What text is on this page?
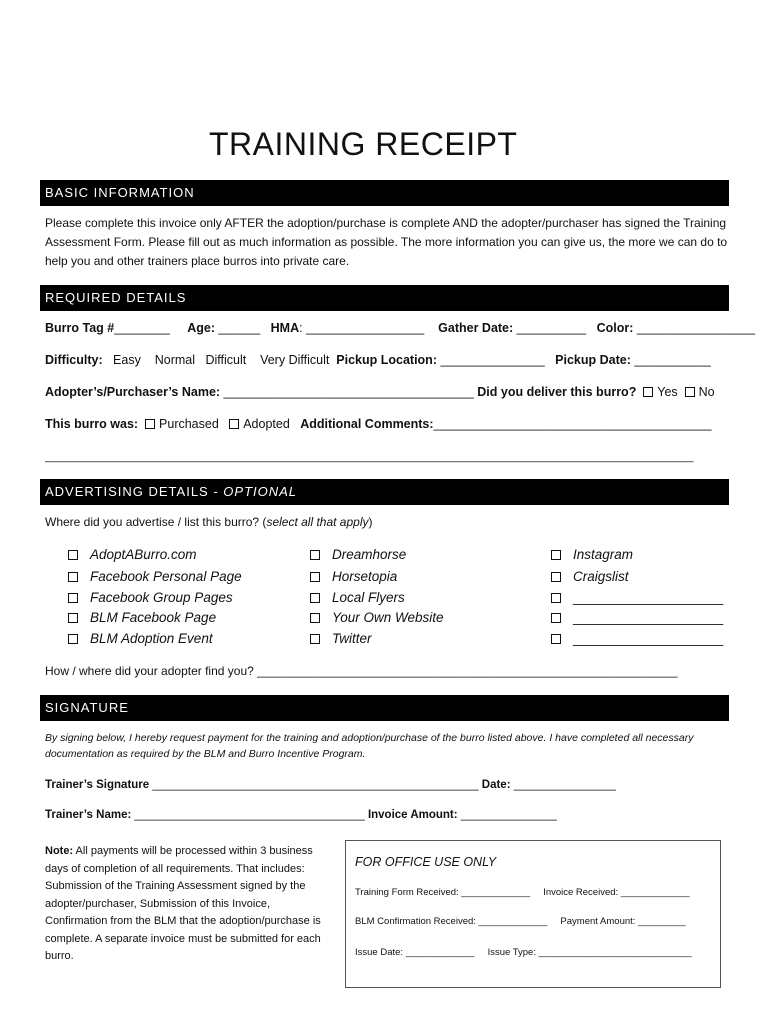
TRAINING RECEIPT
BASIC INFORMATION
Please complete this invoice only AFTER the adoption/purchase is complete AND the adopter/purchaser has signed the Training Assessment Form. Please fill out as much information as possible. The more information you can give us, the more we can do to help you and other trainers place burros into private care.
REQUIRED DETAILS
Burro Tag #________ Age: ______   HMA: _________________ Gather Date: __________   Color: _________________
Difficulty:   Easy    Normal   Difficult    Very Difficult  Pickup Location: _______________   Pickup Date: ___________
Adopter’s/Purchaser’s Name: ____________________________________ Did you deliver this burro? Yes No
This burro was: Purchased Adopted Additional Comments:________________________________________
__________________________________________________________________________________________________________
ADVERTISING DETAILS - OPTIONAL
Where did you advertise / list this burro? (select all that apply)
AdoptABurro.com
Facebook Personal Page
Facebook Group Pages
BLM Facebook Page
BLM Adoption Event
Dreamhorse
Horsetopia
Local Flyers
Your Own Website
Twitter
Instagram
Craigslist
____________________
____________________
____________________
How / where did your adopter find you? _______________________________________________________________
SIGNATURE
By signing below, I hereby request payment for the training and adoption/purchase of the burro listed above. I have completed all necessary documentation as required by the BLM and Burro Incentive Program.
Trainer’s Signature ___________________________________________________ Date: ________________
Trainer’s Name: ____________________________________ Invoice Amount: _______________
Note: All payments will be processed within 3 business days of completion of all requirements. That includes: Submission of the Training Assessment signed by the adopter/purchaser, Submission of this Invoice, Confirmation from the BLM that the adoption/purchase is complete. A separate invoice must be submitted for each burro.
FOR OFFICE USE ONLY
Training Form Received: _____________     Invoice Received: _____________
BLM Confirmation Received: _____________     Payment Amount: _________
Issue Date: _____________     Issue Type: _____________________________
